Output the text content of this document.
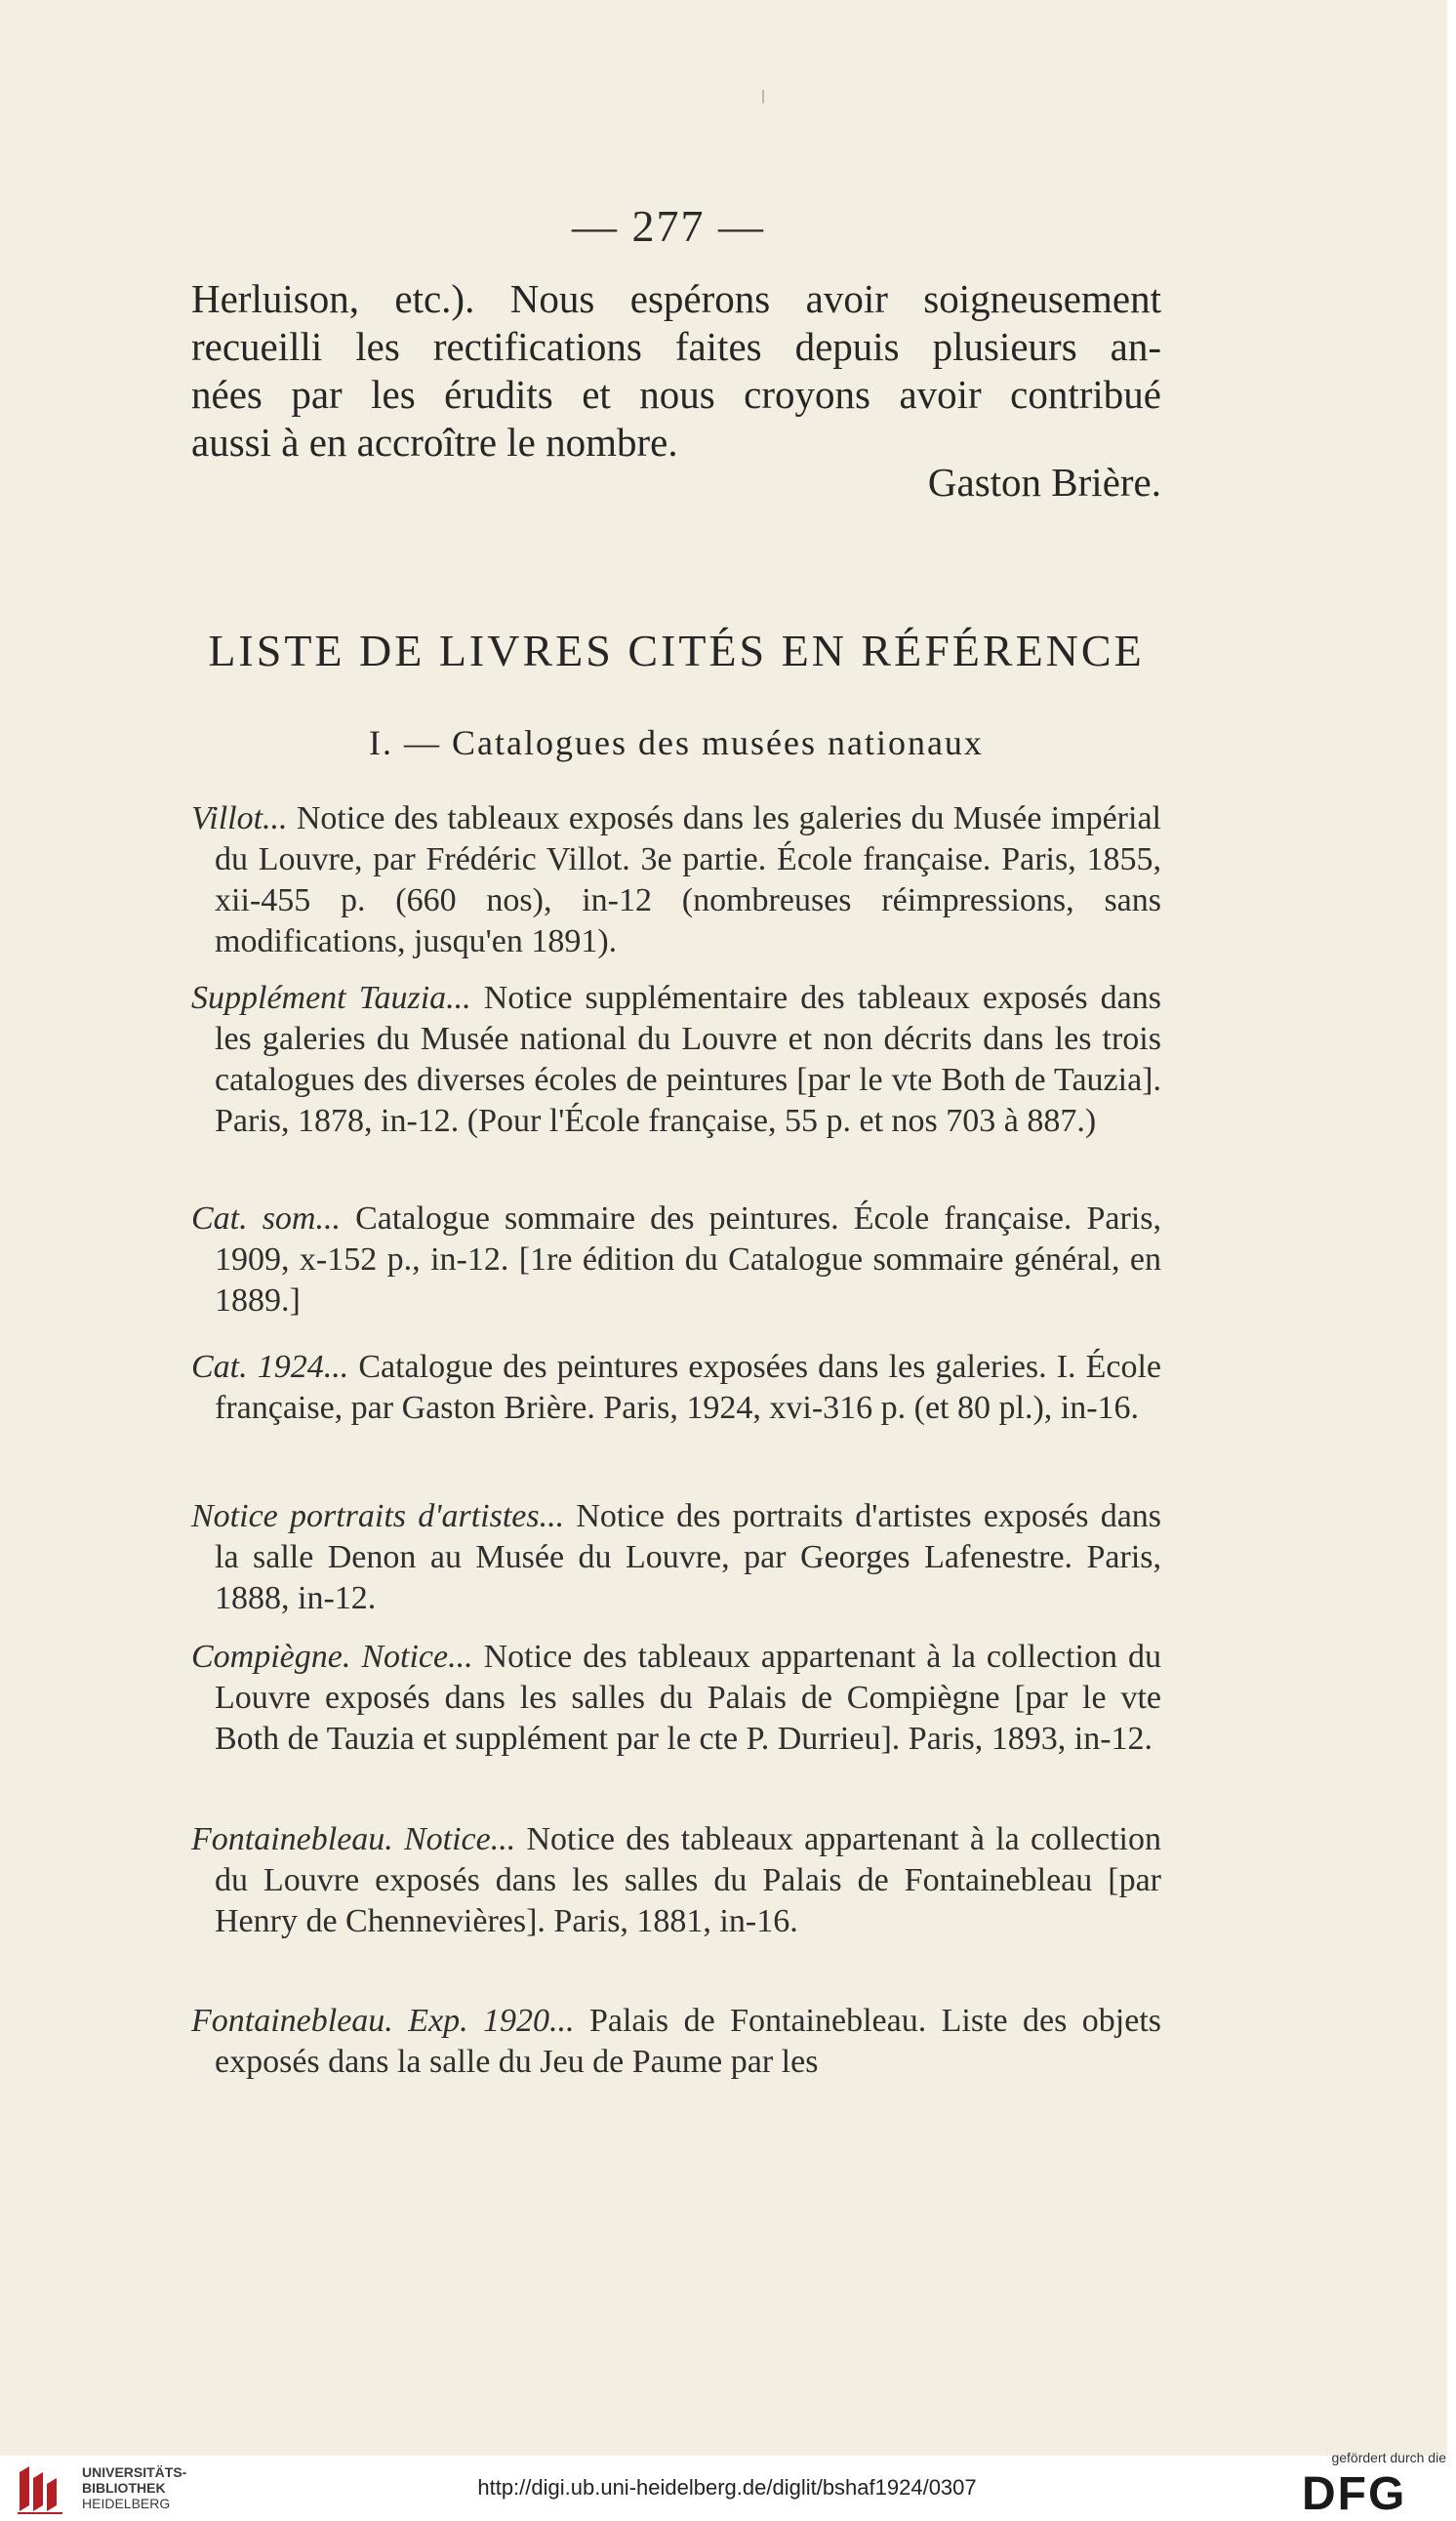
— 277 —
Herluison, etc.). Nous espérons avoir soigneusement
recueilli les rectifications faites depuis plusieurs an-
nées par les érudits et nous croyons avoir contribué
aussi à en accroître le nombre.
Gaston Brière.
LISTE DE LIVRES CITÉS EN RÉFÉRENCE
I. — Catalogues des musées nationaux
Villot... Notice des tableaux exposés dans les galeries du Musée impérial du Louvre, par Frédéric Villot. 3e partie. École française. Paris, 1855, xii-455 p. (660 nos), in-12 (nombreuses réimpressions, sans modifications, jusqu'en 1891).
Supplément Tauzia... Notice supplémentaire des tableaux exposés dans les galeries du Musée national du Louvre et non décrits dans les trois catalogues des diverses écoles de peintures [par le vte Both de Tauzia]. Paris, 1878, in-12. (Pour l'École française, 55 p. et nos 703 à 887.)
Cat. som... Catalogue sommaire des peintures. École française. Paris, 1909, x-152 p., in-12. [1re édition du Catalogue sommaire général, en 1889.]
Cat. 1924... Catalogue des peintures exposées dans les galeries. I. École française, par Gaston Brière. Paris, 1924, xvi-316 p. (et 80 pl.), in-16.
Notice portraits d'artistes... Notice des portraits d'artistes exposés dans la salle Denon au Musée du Louvre, par Georges Lafenestre. Paris, 1888, in-12.
Compiègne. Notice... Notice des tableaux appartenant à la collection du Louvre exposés dans les salles du Palais de Compiègne [par le vte Both de Tauzia et supplément par le cte P. Durrieu]. Paris, 1893, in-12.
Fontainebleau. Notice... Notice des tableaux appartenant à la collection du Louvre exposés dans les salles du Palais de Fontainebleau [par Henry de Chennevières]. Paris, 1881, in-16.
Fontainebleau. Exp. 1920... Palais de Fontainebleau. Liste des objets exposés dans la salle du Jeu de Paume par les
UNIVERSITÄTS-
BIBLIOTHEK
HEIDELBERG
http://digi.ub.uni-heidelberg.de/diglit/bshaf1924/0307
gefördert durch die
DFG
